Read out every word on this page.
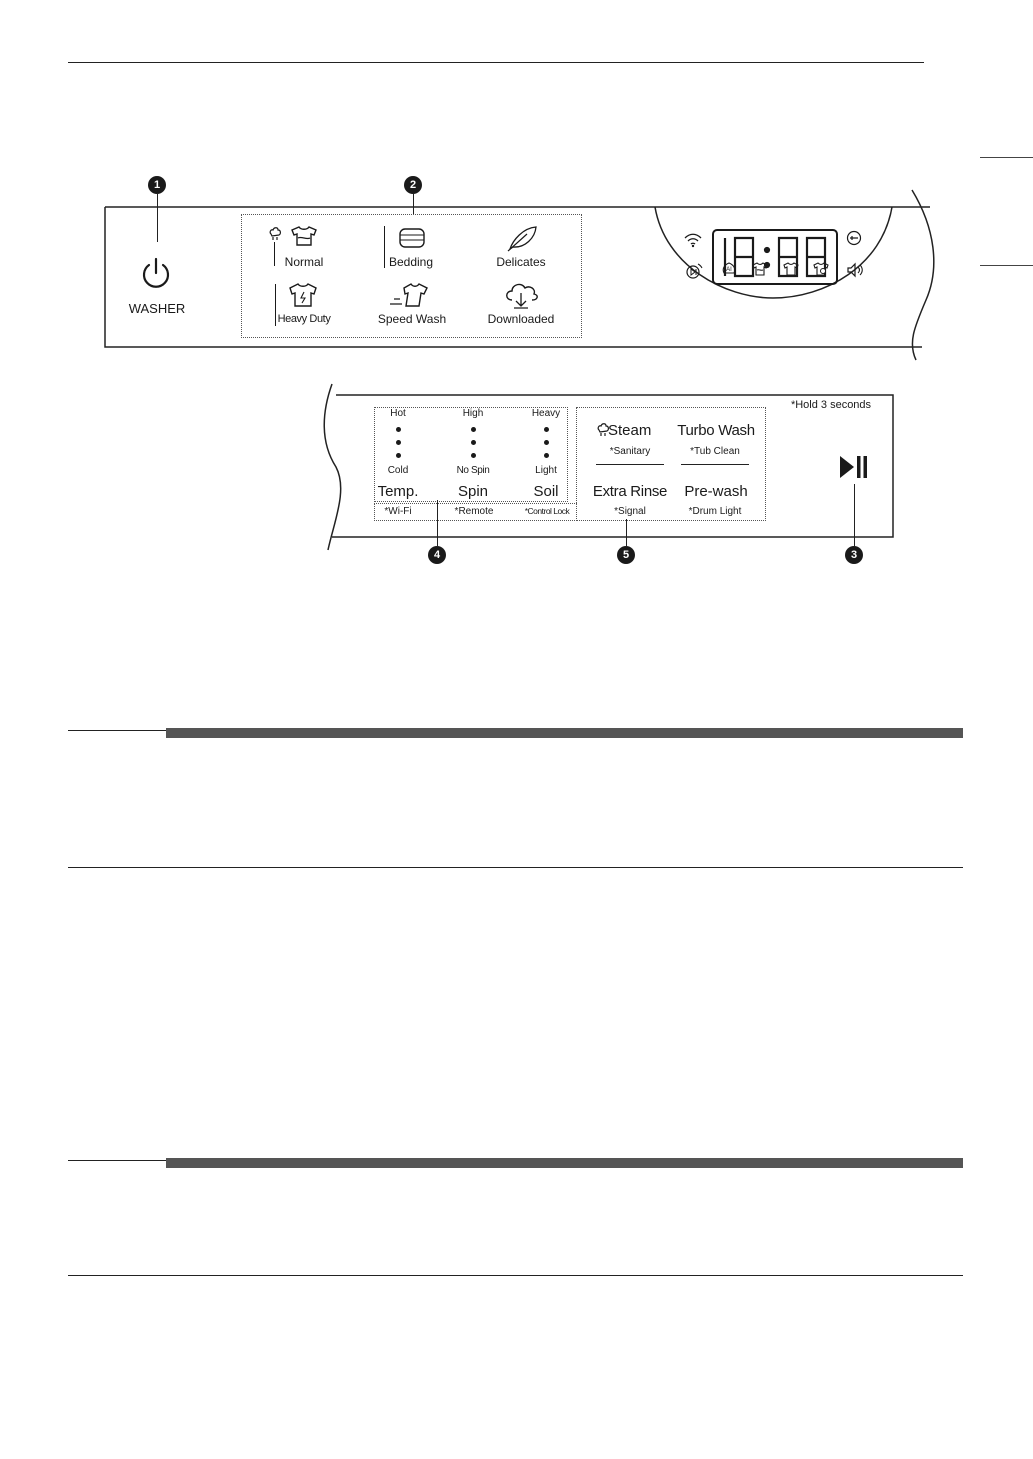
1	2
WASHER
Normal	Bedding	Delicates
Heavy Duty	Speed Wash	Downloaded
AI
*Hold 3 seconds
Hot
Cold
Temp.
*Wi-Fi
High
No Spin
Spin
*Remote
Heavy
Light
Soil
*Control Lock
Steam
*Sanitary
Turbo Wash
*Tub Clean
Extra Rinse
*Signal
Pre-wash
*Drum Light
4	5	3
